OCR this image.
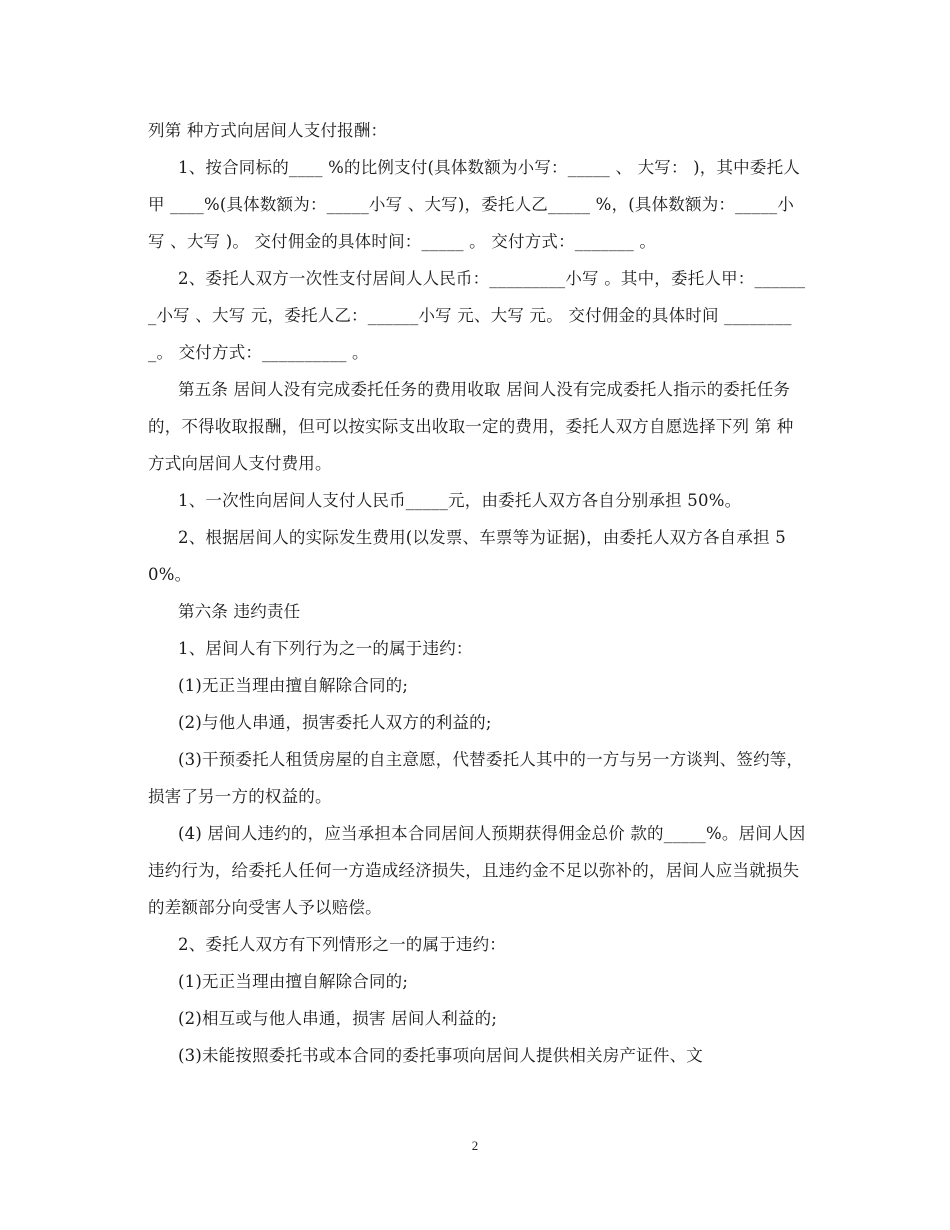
列第 种方式向居间人支付报酬：

1、按合同标的____ %的比例支付(具体数额为小写：_____ 、 大写： )，其中委托人甲 ____%(具体数额为：_____小写 、大写)，委托人乙_____ %，(具体数额为：_____小写 、大写 )。 交付佣金的具体时间：_____ 。 交付方式：_______ 。

2、委托人双方一次性支付居间人人民币：_________小写 。其中，委托人甲：_______小写 、大写 元，委托人乙：______小写 元、大写 元。 交付佣金的具体时间 _________。 交付方式：__________ 。

第五条 居间人没有完成委托任务的费用收取 居间人没有完成委托人指示的委托任务的，不得收取报酬，但可以按实际支出收取一定的费用，委托人双方自愿选择下列 第 种方式向居间人支付费用。

1、一次性向居间人支付人民币_____元，由委托人双方各自分别承担 50%。

2、根据居间人的实际发生费用(以发票、车票等为证据)，由委托人双方各自承担 50%。

第六条 违约责任

1、居间人有下列行为之一的属于违约：

(1)无正当理由擅自解除合同的;

(2)与他人串通，损害委托人双方的利益的;

(3)干预委托人租赁房屋的自主意愿，代替委托人其中的一方与另一方谈判、签约等，损害了另一方的权益的。

(4) 居间人违约的，应当承担本合同居间人预期获得佣金总价 款的_____%。居间人因违约行为，给委托人任何一方造成经济损失，且违约金不足以弥补的，居间人应当就损失的差额部分向受害人予以赔偿。

2、委托人双方有下列情形之一的属于违约：

(1)无正当理由擅自解除合同的;

(2)相互或与他人串通，损害 居间人利益的;

(3)未能按照委托书或本合同的委托事项向居间人提供相关房产证件、文

2
